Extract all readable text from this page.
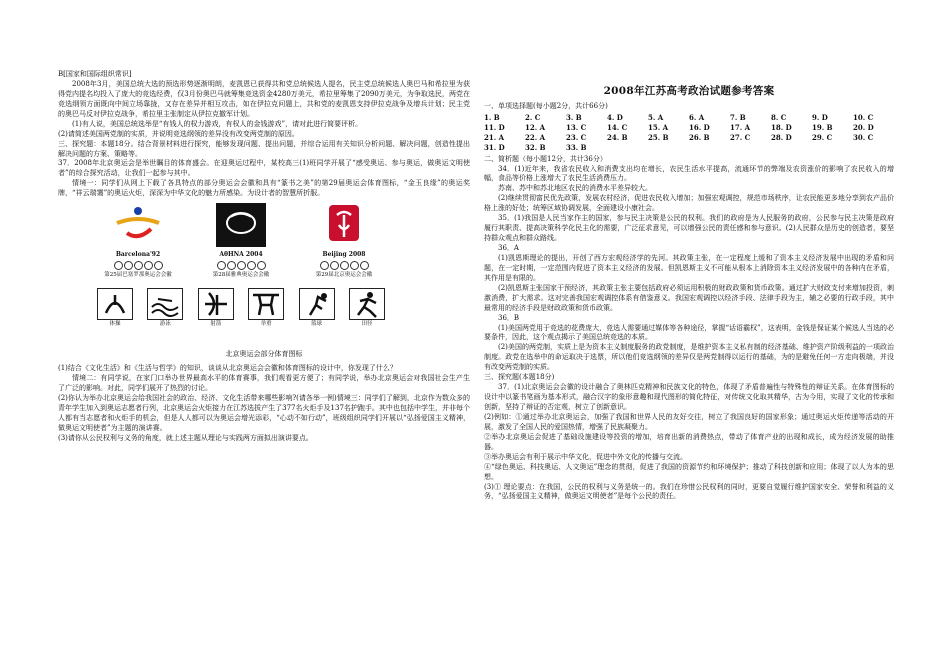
B[国家和国际组织常识]

2008年3月，美国总统大选的预选形势逐渐明朗，麦凯恩已获得共和党总统候选人提名，民主党总统候选人奥巴马和希拉里为获得党内提名均投入了庞大的竞选经费，仅3月份奥巴马就筹集竞选资金4280万美元，希拉里筹集了2090万美元，为争取选民，两党在竞选纲领方面既向中间立场靠拢，又存在差异并相互攻击，如在伊拉克问题上，共和党的麦凯恩支持伊拉克战争及增兵计划；民主党的奥巴马反对伊拉克战争，希拉里主张制定从伊拉克撤军计划。

(1)有人说，美国总统选举是“有钱人的权力游戏，有权人的金钱游戏”，请对此进行简要评析。

(2)请简述美国两党制的实质，并说明竞选纲领的差异没有改变两党制的原因。

三、探究题：本题18分。结合背景材料进行探究，能够发现问题、提出问题，并综合运用有关知识分析问题、解决问题，创造性提出解决问题的方案、策略等。

37．2008年北京奥运会是举世瞩目的体育盛会。在迎奥运过程中，某校高三(1)班同学开展了“感受奥运、参与奥运，做奥运文明使者”的综合探究活动，让我们一起参与其中。

情境一：同学们从网上下载了各具特点的部分奥运会会徽和具有“篆书之美”的第29届奥运会体育图标，“金玉良缘”的奥运奖牌，“祥云瑞霭”的奥运火炬，深深为中华文化的魅力所感染。为设计者的智慧所折服。

Barcelona'92
第25届巴塞罗那奥运会会徽
AθHNA 2004
第28届雅典奥运会会徽
Beijing 2008
第29届北京奥运会会徽
体操	游泳	射箭	举重	篮球	田径

北京奥运会部分体育图标

(1)结合《文化生活》和《生活与哲学》的知识，谈谈从北京奥运会会徽和体育图标的设计中，你发现了什么？

情境二：有同学说，在家门口举办世界最高水平的体育赛事，我们观看更方便了；有同学说，举办北京奥运会对我国社会生产生了广泛的影响。对此，同学们展开了热烈的讨论。

(2)你认为举办北京奥运会给我国社会的政治、经济、文化生活带来哪些影响?(请各举一例)情境三：同学们了解到，北京作为数众多的青年学生加入到奥运志愿者行列，北京奥运会火炬接力在江苏选拔产生了377名火炬手及137名护跑手。其中也包括中学生，并非每个人都有当志愿者和火炬手的机会，但是人人都可以为奥运会增光添彩，“心动不如行动”，班级组织同学们开展以“弘扬爱国主义精神，做奥运文明使者”为主题的演讲赛。

(3)请你从公民权利与义务的角度，就上述主题从理论与实践两方面拟出演讲要点。

2008年江苏高考政治试题参考答案

一、单项选择题(每小题2分，共计66分)

1. B	2. C	3. B	4. D	5. A	6. A	7. B	8. C	9. D	10. C
11. D	12. A	13. C	14. C	15. A	16. D	17. A	18. D	19. B	20. D
21. A	22. A	23. C	24. B	25. B	26. B	27. C	28. D	29. C	30. C
31. D	32. B	33. B

二、简析题（每小题12分，共计36分）

34．(1)近年来，我省农民收入和消费支出均在增长，农民生活水平提高，流通环节的弊端及农资涨价的影响了农民收入的增幅，食品等价格上涨增大了农民生活消费压力。

苏南、苏中和苏北地区农民的消费水平差异较大。

(2)继续贯彻富民优先政策，发展农村经济，促进农民收入增加；加强宏观调控，规范市场秩序，让农民能更多地分享到农产品价格上涨的好处；统筹区域协调发展，全面建设小康社会。

35．(1)我国是人民当家作主的国家，参与民主决策是公民的权利。我们的政府是为人民服务的政府，公民参与民主决策是政府履行其职责、提高决策科学化民主化的需要，广泛征求意见，可以增强公民的责任感和参与意识。(2)人民群众是历史的创造者，要坚持群众观点和群众路线。

36．A

(1)凯恩斯理论的提出，开创了西方宏观经济学的先河。其政策主张，在一定程度上缓和了资本主义经济发展中出现的矛盾和问题，在一定时期，一定范围内促进了资本主义经济的发展。但凯恩斯主义不可能从根本上消除资本主义经济发展中的各种内在矛盾，其作用是有限的。

(2)凯恩斯主张国家干预经济，其政策主张主要包括政府必须运用积极的财政政策和货币政策。通过扩大财政支付来增加投资，刺激消费，扩大需求。这对完善我国宏观调控体系有借鉴意义。我国宏观调控以经济手段、法律手段为主，辅之必要的行政手段，其中最常用的经济手段是财政政策和货币政策。

36．B

(1)美国两党用于竞选的花费庞大，竞选人需要通过媒体等各种途径，掌握“话语霸权”，这表明，金钱是保证某个候选人当选的必要条件，因此，这个观点揭示了美国总统竞选的本质。

(2)美国的两党制，实质上是为资本主义制度服务的政党制度，是维护资本主义私有制的经济基础、维护资产阶级利益的一项政治制度。政党在选举中的命运取决于选票，所以他们竞选纲领的差异仅是两党制得以运行的基础，为的是避免任何一方走向极端，并没有改变两党制的实质。

三、探究题(本题18分)

37．(1)北京奥运会会徽的设计融合了奥林匹克精神和民族文化的特色，体现了矛盾普遍性与特殊性的辩证关系。在体育图标的设计中以篆书笔画为基本形式，融合汉字的象形意趣和现代图形的简化特征，对传统文化取其精华，古为今用，实现了文化的传承和创新，坚持了辩证的否定观，树立了创新意识。

(2)例如：①通过举办北京奥运会，加强了我国和世界人民的友好交往，树立了我国良好的国家形象；通过奥运火炬传递等活动的开展，激发了全国人民的爱国热情，增强了民族凝聚力。

②举办北京奥运会促进了基础设施建设等投资的增加，培育出新的消费热点，带动了体育产业的出现和成长，成为经济发展的助推器。

③举办奥运会有利于展示中华文化，促进中外文化的传播与交流。

④“绿色奥运、科技奥运、人文奥运”理念的贯彻，促进了我国的资源节约和环境保护；推动了科技创新和应用；体现了以人为本的思想。

(3)① 理论要点：在我国，公民的权利与义务是统一的。我们在珍惜公民权利的同时，更要自觉履行维护国家安全、荣誉和利益的义务，“弘扬爱国主义精神，做奥运文明使者”是每个公民的责任。
